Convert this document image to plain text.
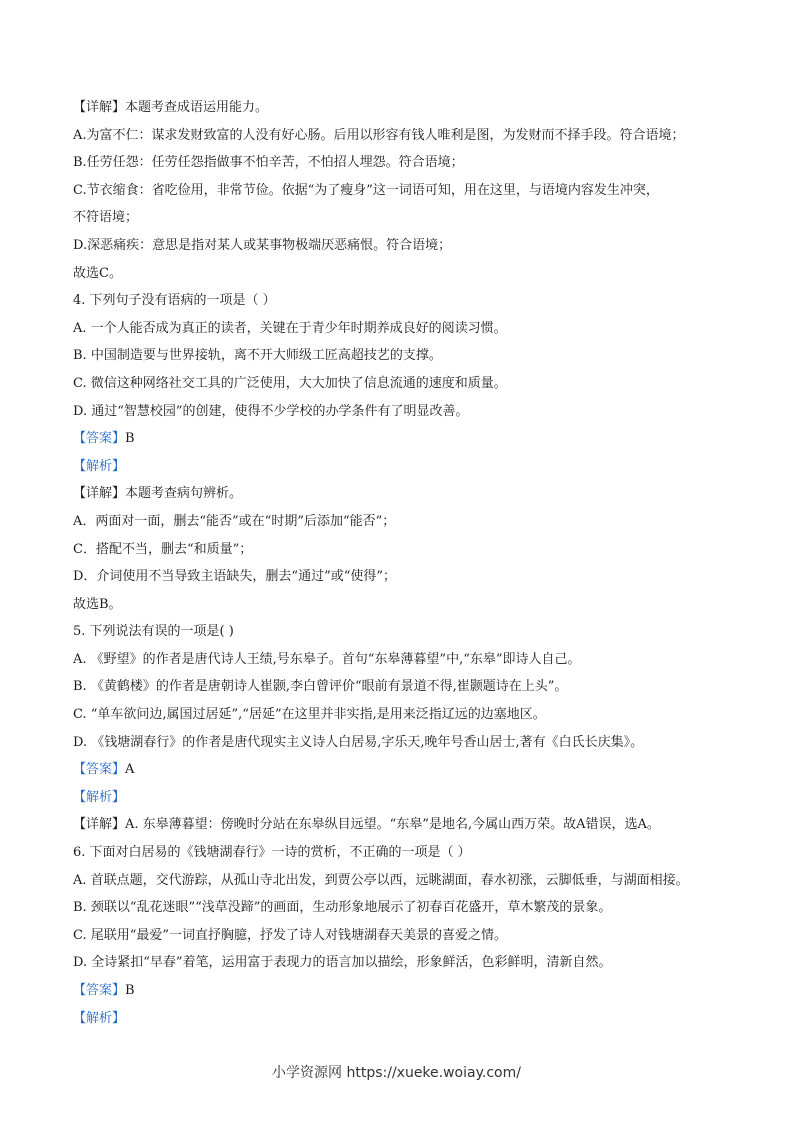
【详解】本题考查成语运用能力。
A.为富不仁：谋求发财致富的人没有好心肠。后用以形容有钱人唯利是图，为发财而不择手段。符合语境；
B.任劳任怨：任劳任怨指做事不怕辛苦，不怕招人埋怨。符合语境；
C.节衣缩食：省吃俭用，非常节俭。依据“为了瘦身”这一词语可知，用在这里，与语境内容发生冲突，
不符语境；
D.深恶痛疾：意思是指对某人或某事物极端厌恶痛恨。符合语境；
故选C。
4. 下列句子没有语病的一项是（ ）
A. 一个人能否成为真正的读者，关键在于青少年时期养成良好的阅读习惯。
B. 中国制造要与世界接轨，离不开大师级工匠高超技艺的支撑。
C. 微信这种网络社交工具的广泛使用，大大加快了信息流通的速度和质量。
D. 通过“智慧校园”的创建，使得不少学校的办学条件有了明显改善。
【答案】B
【解析】
【详解】本题考查病句辨析。
A．两面对一面，删去“能否”或在“时期”后添加“能否”；
C．搭配不当，删去“和质量”；
D．介词使用不当导致主语缺失，删去“通过”或“使得”；
故选B。
5. 下列说法有误的一项是( )
A. 《野望》的作者是唐代诗人王绩,号东皋子。首句“东皋薄暮望”中,“东皋”即诗人自己。
B. 《黄鹤楼》的作者是唐朝诗人崔颢,李白曾评价“眼前有景道不得,崔颢题诗在上头”。
C. “单车欲问边,属国过居延”,“居延”在这里并非实指,是用来泛指辽远的边塞地区。
D. 《钱塘湖春行》的作者是唐代现实主义诗人白居易,字乐天,晚年号香山居士,著有《白氏长庆集》。
【答案】A
【解析】
【详解】A. 东皋薄暮望：傍晚时分站在东皋纵目远望。“东皋”是地名,今属山西万荣。故A错误，选A。
6. 下面对白居易的《钱塘湖春行》一诗的赏析，不正确的一项是（ ）
A. 首联点题，交代游踪，从孤山寺北出发，到贾公亭以西，远眺湖面，春水初涨，云脚低垂，与湖面相接。
B. 颈联以“乱花迷眼”“浅草没蹄”的画面，生动形象地展示了初春百花盛开，草木繁茂的景象。
C. 尾联用“最爱”一词直抒胸臆，抒发了诗人对钱塘湖春天美景的喜爱之情。
D. 全诗紧扣“早春”着笔，运用富于表现力的语言加以描绘，形象鲜活，色彩鲜明，清新自然。
【答案】B
【解析】
小学资源网 https://xueke.woiay.com/
